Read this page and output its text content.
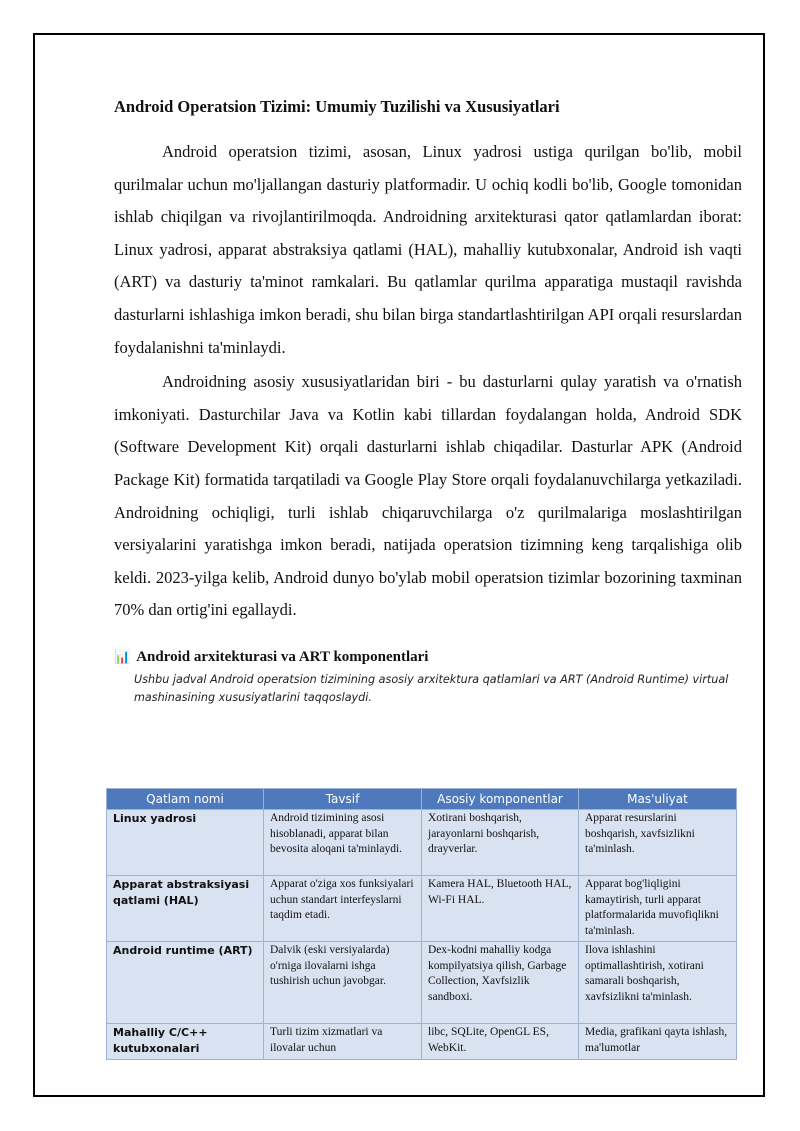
Android Operatsion Tizimi: Umumiy Tuzilishi va Xususiyatlari

Android operatsion tizimi, asosan, Linux yadrosi ustiga qurilgan bo'lib, mobil qurilmalar uchun mo'ljallangan dasturiy platformadir. U ochiq kodli bo'lib, Google tomonidan ishlab chiqilgan va rivojlantirilmoqda. Androidning arxitekturasi qator qatlamlardan iborat: Linux yadrosi, apparat abstraksiya qatlami (HAL), mahalliy kutubxonalar, Android ish vaqti (ART) va dasturiy ta'minot ramkalari. Bu qatlamlar qurilma apparatiga mustaqil ravishda dasturlarni ishlashiga imkon beradi, shu bilan birga standartlashtirilgan API orqali resurslardan foydalanishni ta'minlaydi.

Androidning asosiy xususiyatlaridan biri - bu dasturlarni qulay yaratish va o'rnatish imkoniyati. Dasturchilar Java va Kotlin kabi tillardan foydalangan holda, Android SDK (Software Development Kit) orqali dasturlarni ishlab chiqadilar. Dasturlar APK (Android Package Kit) formatida tarqatiladi va Google Play Store orqali foydalanuvchilarga yetkaziladi. Androidning ochiqligi, turli ishlab chiqaruvchilarga o'z qurilmalariga moslashtirilgan versiyalarini yaratishga imkon beradi, natijada operatsion tizimning keng tarqalishiga olib keldi. 2023-yilga kelib, Android dunyo bo'ylab mobil operatsion tizimlar bozorining taxminan 70% dan ortig'ini egallaydi.

📊 Android arxitekturasi va ART komponentlari
Ushbu jadval Android operatsion tizimining asosiy arxitektura qatlamlari va ART (Android Runtime) virtual mashinasining xususiyatlarini taqqoslaydi.
Qatlam nomi	Tavsif	Asosiy komponentlar	Mas'uliyat
Linux yadrosi	Android tizimining asosi hisoblanadi, apparat bilan bevosita aloqani ta'minlaydi.	Xotirani boshqarish, jarayonlarni boshqarish, drayverlar.	Apparat resurslarini boshqarish, xavfsizlikni ta'minlash.
Apparat abstraksiyasi qatlami (HAL)	Apparat o'ziga xos funksiyalari uchun standart interfeyslarni taqdim etadi.	Kamera HAL, Bluetooth HAL, Wi-Fi HAL.	Apparat bog'liqligini kamaytirish, turli apparat platformalarida muvofiqlikni ta'minlash.
Android runtime (ART)	Dalvik (eski versiyalarda) o'rniga ilovalarni ishga tushirish uchun javobgar.	Dex-kodni mahalliy kodga kompilyatsiya qilish, Garbage Collection, Xavfsizlik sandboxi.	Ilova ishlashini optimallashtirish, xotirani samarali boshqarish, xavfsizlikni ta'minlash.
Mahalliy C/C++ kutubxonalari	Turli tizim xizmatlari va ilovalar uchun	libc, SQLite, OpenGL ES, WebKit.	Media, grafikani qayta ishlash, ma'lumotlar
